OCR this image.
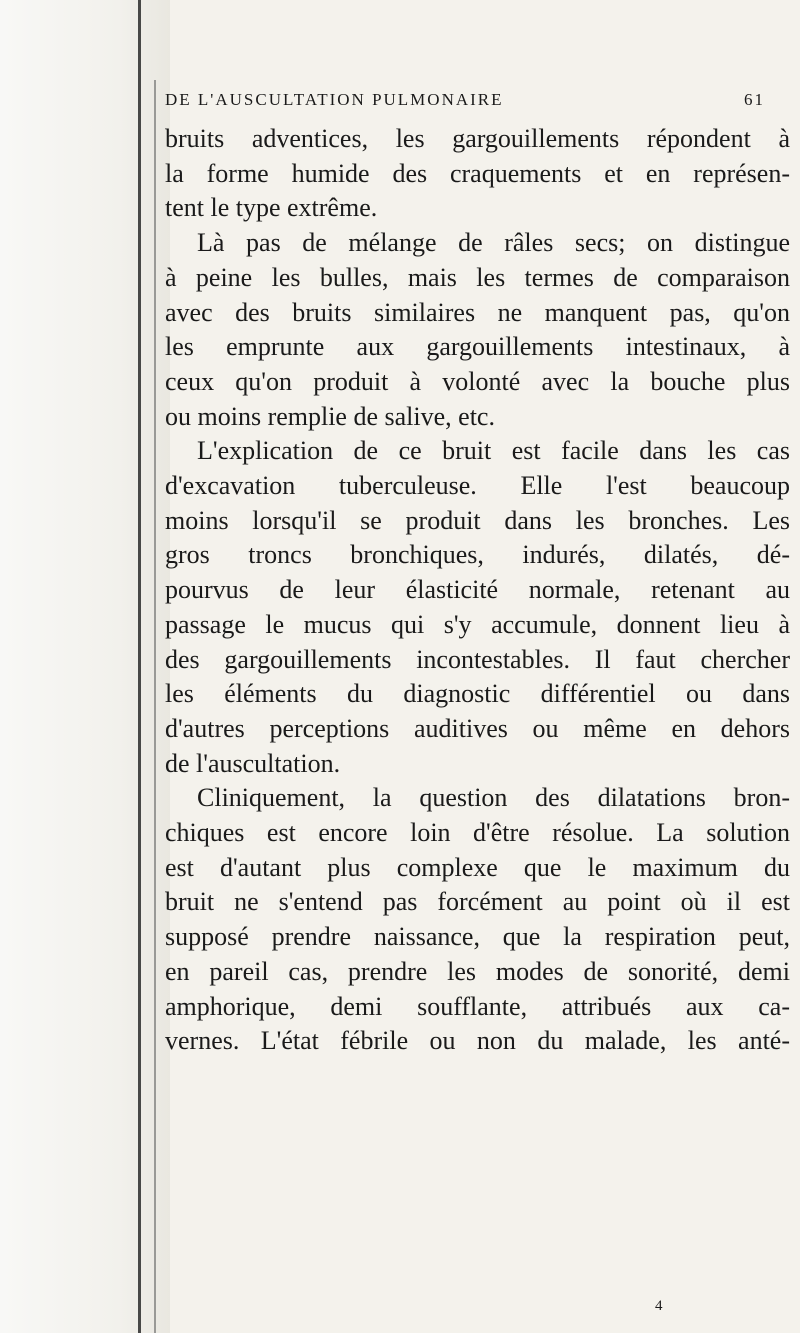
DE L'AUSCULTATION PULMONAIRE	61
bruits adventices, les gargouillements répondent à
la forme humide des craquements et en représen-
tent le type extrême.
Là pas de mélange de râles secs; on distingue
à peine les bulles, mais les termes de comparaison
avec des bruits similaires ne manquent pas, qu'on
les emprunte aux gargouillements intestinaux, à
ceux qu'on produit à volonté avec la bouche plus
ou moins remplie de salive, etc.
L'explication de ce bruit est facile dans les cas
d'excavation tuberculeuse. Elle l'est beaucoup
moins lorsqu'il se produit dans les bronches. Les
gros troncs bronchiques, indurés, dilatés, dé-
pourvus de leur élasticité normale, retenant au
passage le mucus qui s'y accumule, donnent lieu à
des gargouillements incontestables. Il faut chercher
les éléments du diagnostic différentiel ou dans
d'autres perceptions auditives ou même en dehors
de l'auscultation.
Cliniquement, la question des dilatations bron-
chiques est encore loin d'être résolue. La solution
est d'autant plus complexe que le maximum du
bruit ne s'entend pas forcément au point où il est
supposé prendre naissance, que la respiration peut,
en pareil cas, prendre les modes de sonorité, demi
amphorique, demi soufflante, attribués aux ca-
vernes. L'état fébrile ou non du malade, les anté-
4
